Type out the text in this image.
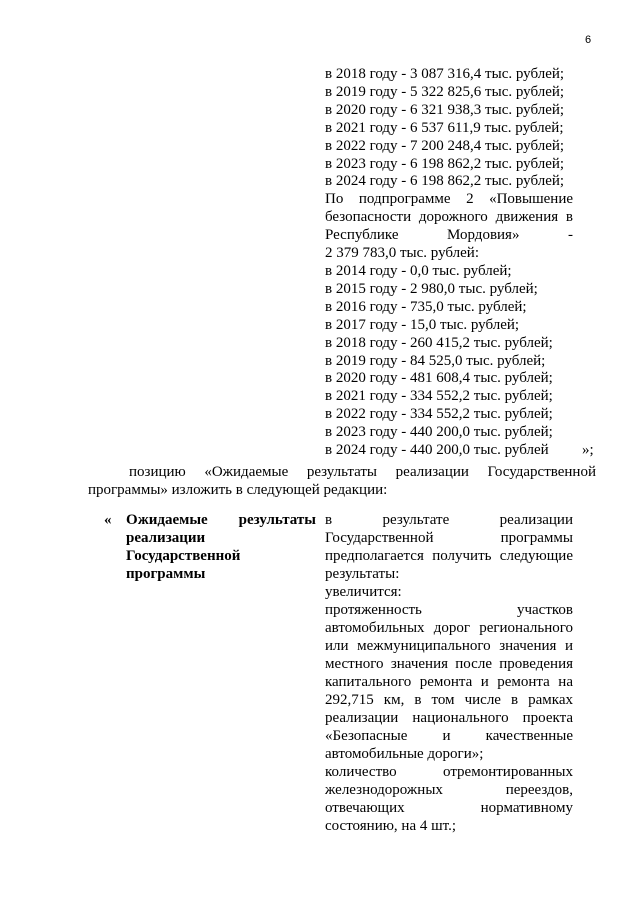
6
в 2018 году - 3 087 316,4 тыс. рублей;
в 2019 году - 5 322 825,6 тыс. рублей;
в 2020 году - 6 321 938,3 тыс. рублей;
в 2021 году - 6 537 611,9 тыс. рублей;
в 2022 году - 7 200 248,4 тыс. рублей;
в 2023 году - 6 198 862,2 тыс. рублей;
в 2024 году - 6 198 862,2 тыс. рублей;
По подпрограмме 2 «Повышение
безопасности дорожного движения в
Республике Мордовия» -
2 379 783,0 тыс. рублей:
в 2014 году - 0,0 тыс. рублей;
в 2015 году - 2 980,0 тыс. рублей;
в 2016 году - 735,0 тыс. рублей;
в 2017 году - 15,0 тыс. рублей;
в 2018 году - 260 415,2 тыс. рублей;
в 2019 году - 84 525,0 тыс. рублей;
в 2020 году - 481 608,4 тыс. рублей;
в 2021 году - 334 552,2 тыс. рублей;
в 2022 году - 334 552,2 тыс. рублей;
в 2023 году - 440 200,0 тыс. рублей;
в 2024 году - 440 200,0 тыс. рублей »;
позицию «Ожидаемые результаты реализации Государственной
программы» изложить в следующей редакции:
« Ожидаемые результаты
реализации
Государственной
программы
в результате реализации
Государственной программы
предполагается получить следующие
результаты:
увеличится:
протяженность участков
автомобильных дорог регионального
или межмуниципального значения и
местного значения после проведения
капитального ремонта и ремонта на
292,715 км, в том числе в рамках
реализации национального проекта
«Безопасные и качественные
автомобильные дороги»;
количество отремонтированных
железнодорожных переездов,
отвечающих нормативному
состоянию, на 4 шт.;
